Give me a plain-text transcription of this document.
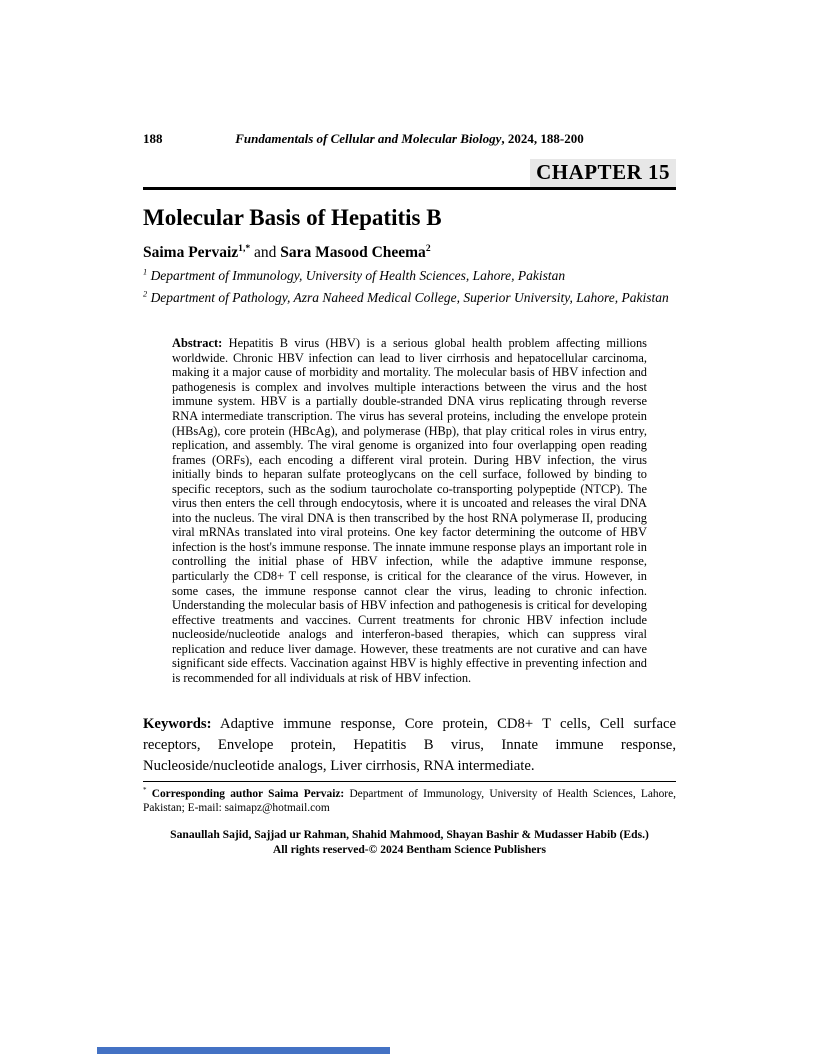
188	Fundamentals of Cellular and Molecular Biology, 2024, 188-200
CHAPTER 15
Molecular Basis of Hepatitis B

Saima Pervaiz$^{1,*}$ and Sara Masood Cheema$^2$

$^1$ Department of Immunology, University of Health Sciences, Lahore, Pakistan

$^2$ Department of Pathology, Azra Naheed Medical College, Superior University, Lahore, Pakistan

Abstract: Hepatitis B virus (HBV) is a serious global health problem affecting millions worldwide. Chronic HBV infection can lead to liver cirrhosis and hepatocellular carcinoma, making it a major cause of morbidity and mortality. The molecular basis of HBV infection and pathogenesis is complex and involves multiple interactions between the virus and the host immune system. HBV is a partially double-stranded DNA virus replicating through reverse RNA intermediate transcription. The virus has several proteins, including the envelope protein (HBsAg), core protein (HBcAg), and polymerase (HBp), that play critical roles in virus entry, replication, and assembly. The viral genome is organized into four overlapping open reading frames (ORFs), each encoding a different viral protein. During HBV infection, the virus initially binds to heparan sulfate proteoglycans on the cell surface, followed by binding to specific receptors, such as the sodium taurocholate co-transporting polypeptide (NTCP). The virus then enters the cell through endocytosis, where it is uncoated and releases the viral DNA into the nucleus. The viral DNA is then transcribed by the host RNA polymerase II, producing viral mRNAs translated into viral proteins. One key factor determining the outcome of HBV infection is the host's immune response. The innate immune response plays an important role in controlling the initial phase of HBV infection, while the adaptive immune response, particularly the CD8+ T cell response, is critical for the clearance of the virus. However, in some cases, the immune response cannot clear the virus, leading to chronic infection. Understanding the molecular basis of HBV infection and pathogenesis is critical for developing effective treatments and vaccines. Current treatments for chronic HBV infection include nucleoside/nucleotide analogs and interferon-based therapies, which can suppress viral replication and reduce liver damage. However, these treatments are not curative and can have significant side effects. Vaccination against HBV is highly effective in preventing infection and is recommended for all individuals at risk of HBV infection.
Keywords: Adaptive immune response, Core protein, CD8+ T cells, Cell surface receptors, Envelope protein, Hepatitis B virus, Innate immune response, Nucleoside/nucleotide analogs, Liver cirrhosis, RNA intermediate.

* Corresponding author Saima Pervaiz: Department of Immunology, University of Health Sciences, Lahore, Pakistan; E-mail: saimapz@hotmail.com

Sanaullah Sajid, Sajjad ur Rahman, Shahid Mahmood, Shayan Bashir & Mudasser Habib (Eds.)
All rights reserved-© 2024 Bentham Science Publishers
